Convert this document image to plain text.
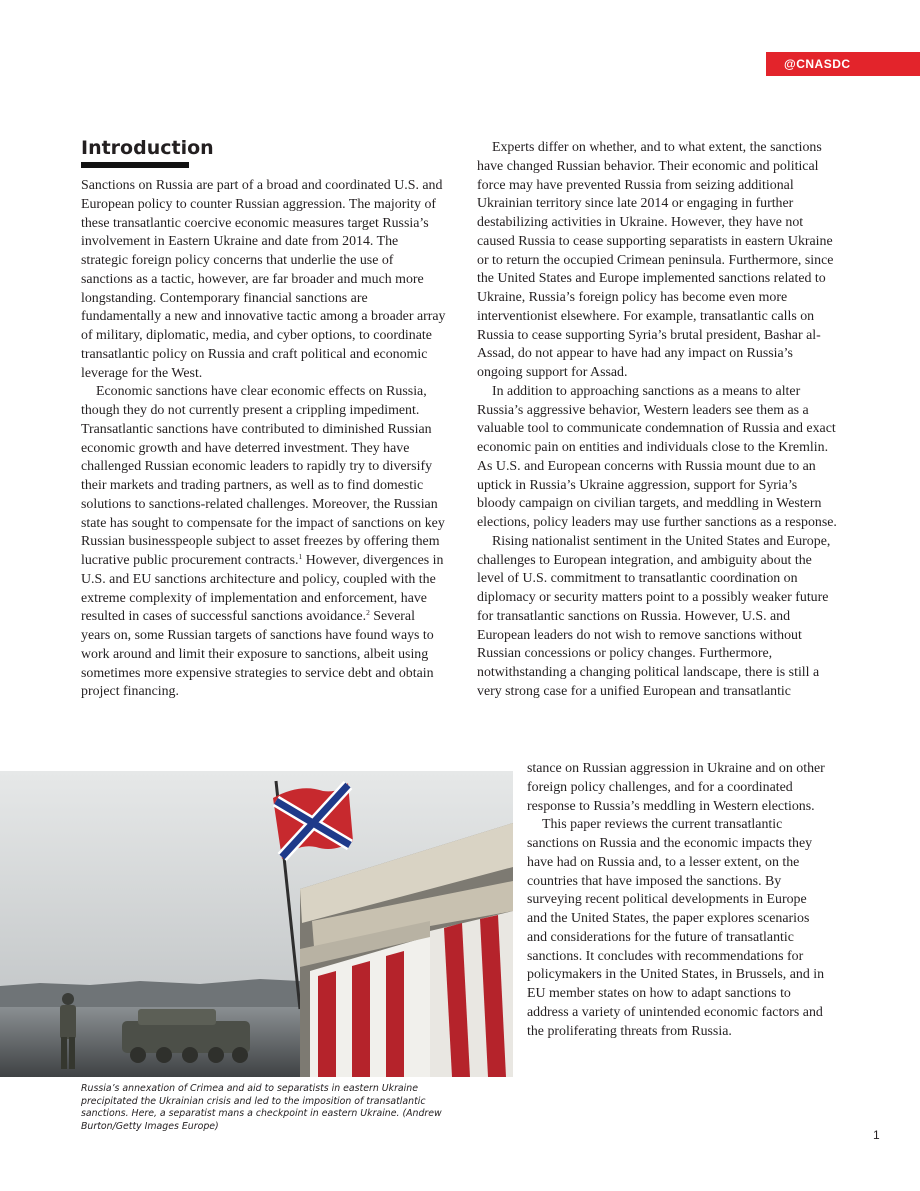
@CNASDC
Introduction

Sanctions on Russia are part of a broad and coordinated U.S. and European policy to counter Russian aggression. The majority of these transatlantic coercive economic measures target Russia’s involvement in Eastern Ukraine and date from 2014. The strategic foreign policy concerns that underlie the use of sanctions as a tactic, however, are far broader and much more longstanding. Contemporary financial sanctions are fundamentally a new and innovative tactic among a broader array of military, diplomatic, media, and cyber options, to coordinate transatlantic policy on Russia and craft political and economic leverage for the West.

Economic sanctions have clear economic effects on Russia, though they do not currently present a crippling impediment. Transatlantic sanctions have contributed to diminished Russian economic growth and have deterred investment. They have challenged Russian economic leaders to rapidly try to diversify their markets and trading partners, as well as to find domestic solutions to sanctions-related challenges. Moreover, the Russian state has sought to compensate for the impact of sanctions on key Russian businesspeople subject to asset freezes by offering them lucrative public procurement contracts.$^1$ However, divergences in U.S. and EU sanctions architecture and policy, coupled with the extreme complexity of implementation and enforcement, have resulted in cases of successful sanctions avoidance.$^2$ Several years on, some Russian targets of sanctions have found ways to work around and limit their exposure to sanctions, albeit using sometimes more expensive strategies to service debt and obtain project financing.

Experts differ on whether, and to what extent, the sanctions have changed Russian behavior. Their economic and political force may have prevented Russia from seizing additional Ukrainian territory since late 2014 or engaging in further destabilizing activities in Ukraine. However, they have not caused Russia to cease supporting separatists in eastern Ukraine or to return the occupied Crimean peninsula. Furthermore, since the United States and Europe implemented sanctions related to Ukraine, Russia’s foreign policy has become even more interventionist elsewhere. For example, transatlantic calls on Russia to cease supporting Syria’s brutal president, Bashar al-Assad, do not appear to have had any impact on Russia’s ongoing support for Assad.

In addition to approaching sanctions as a means to alter Russia’s aggressive behavior, Western leaders see them as a valuable tool to communicate condemnation of Russia and exact economic pain on entities and individuals close to the Kremlin. As U.S. and European concerns with Russia mount due to an uptick in Russia’s Ukraine aggression, support for Syria’s bloody campaign on civilian targets, and meddling in Western elections, policy leaders may use further sanctions as a response.

Rising nationalist sentiment in the United States and Europe, challenges to European integration, and ambiguity about the level of U.S. commitment to transatlantic coordination on diplomacy or security matters point to a possibly weaker future for transatlantic sanctions on Russia. However, U.S. and European leaders do not wish to remove sanctions without Russian concessions or policy changes. Furthermore, notwithstanding a changing political landscape, there is still a very strong case for a unified European and transatlantic

stance on Russian aggression in Ukraine and on other foreign policy challenges, and for a coordinated response to Russia’s meddling in Western elections.

This paper reviews the current transatlantic sanctions on Russia and the economic impacts they have had on Russia and, to a lesser extent, on the countries that have imposed the sanctions. By surveying recent political developments in Europe and the United States, the paper explores scenarios and considerations for the future of transatlantic sanctions. It concludes with recommendations for policymakers in the United States, in Brussels, and in EU member states on how to adapt sanctions to address a variety of unintended economic factors and the proliferating threats from Russia.

Russia’s annexation of Crimea and aid to separatists in eastern Ukraine precipitated the Ukrainian crisis and led to the imposition of transatlantic sanctions. Here, a separatist mans a checkpoint in eastern Ukraine. (Andrew Burton/Getty Images Europe)
1
